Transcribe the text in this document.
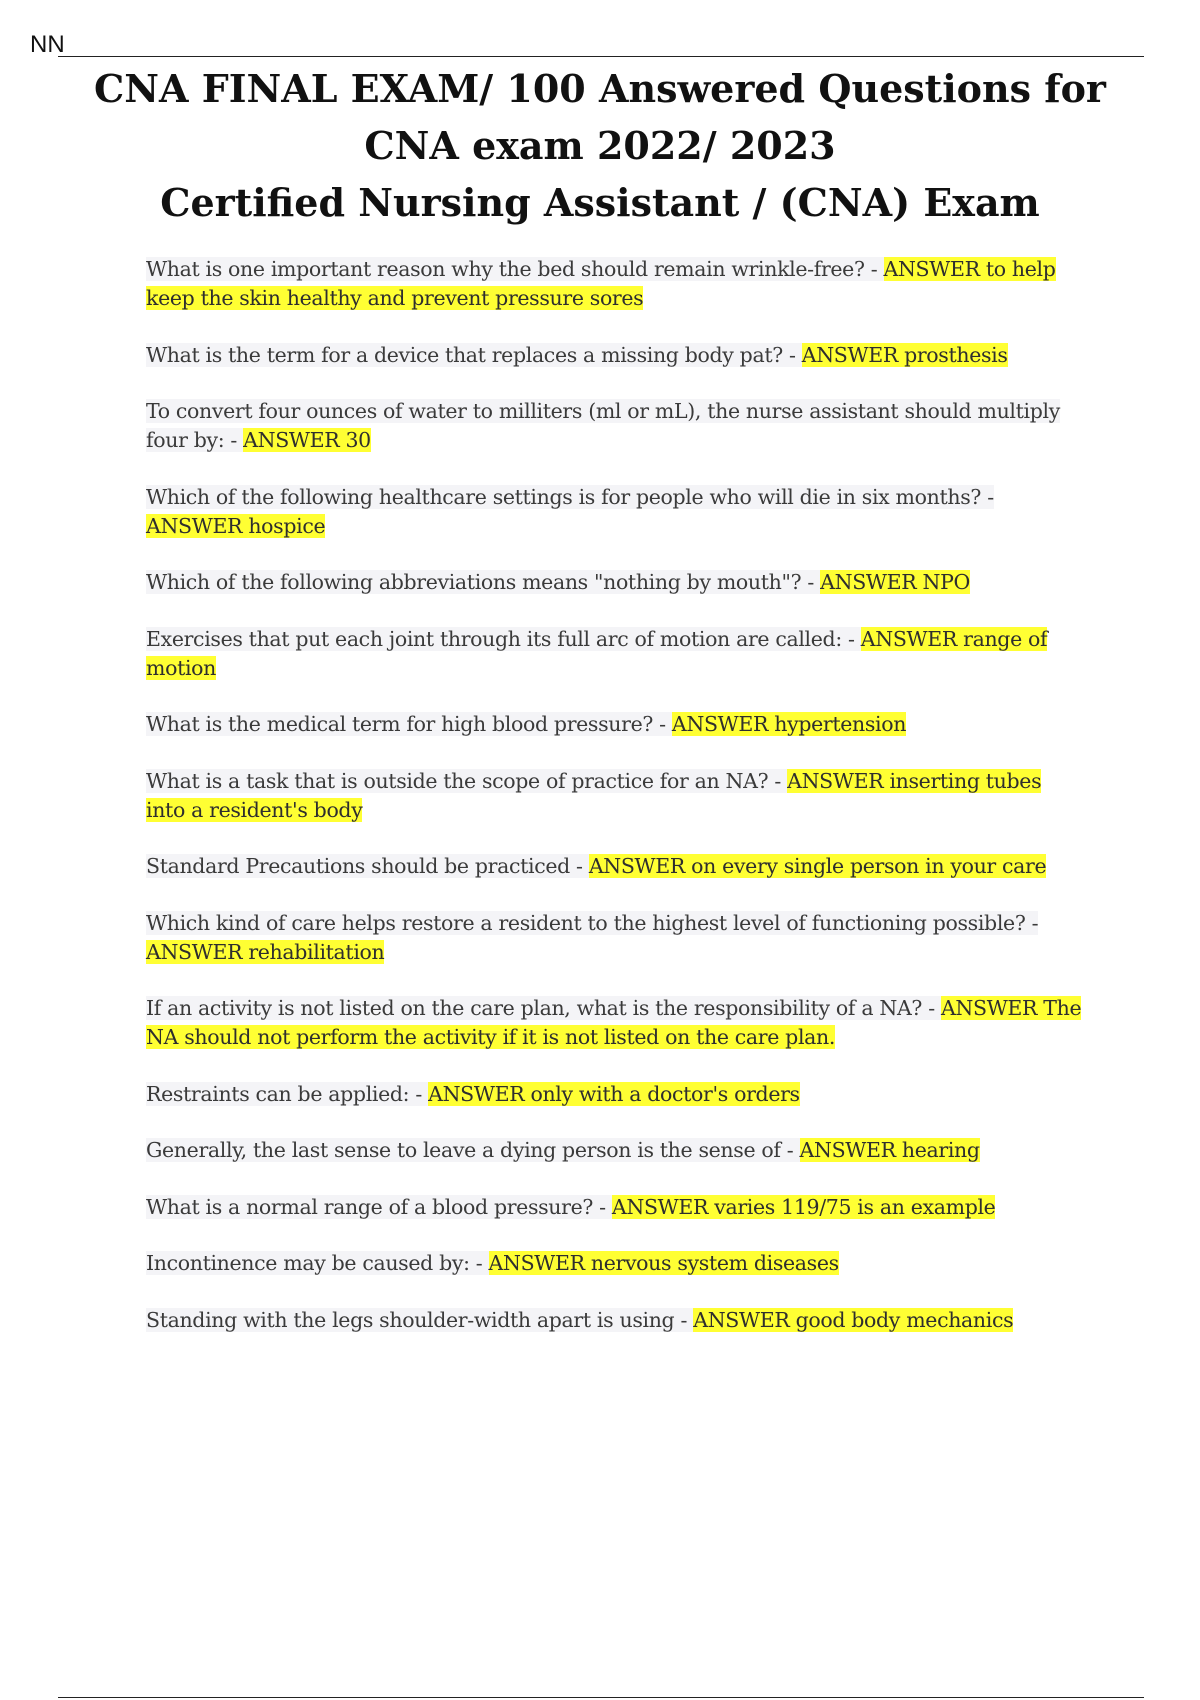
NN
CNA FINAL EXAM/ 100 Answered Questions for
CNA exam 2022/ 2023
Certified Nursing Assistant / (CNA) Exam
What is one important reason why the bed should remain wrinkle-free? - ANSWER to help keep the skin healthy and prevent pressure sores
What is the term for a device that replaces a missing body pat? - ANSWER prosthesis
To convert four ounces of water to milliters (ml or mL), the nurse assistant should multiply four by: - ANSWER 30
Which of the following healthcare settings is for people who will die in six months? - ANSWER hospice
Which of the following abbreviations means "nothing by mouth"? - ANSWER NPO
Exercises that put each joint through its full arc of motion are called: - ANSWER range of motion
What is the medical term for high blood pressure? - ANSWER hypertension
What is a task that is outside the scope of practice for an NA? - ANSWER inserting tubes into a resident's body
Standard Precautions should be practiced - ANSWER on every single person in your care
Which kind of care helps restore a resident to the highest level of functioning possible? - ANSWER rehabilitation
If an activity is not listed on the care plan, what is the responsibility of a NA? - ANSWER The NA should not perform the activity if it is not listed on the care plan.
Restraints can be applied: - ANSWER only with a doctor's orders
Generally, the last sense to leave a dying person is the sense of - ANSWER hearing
What is a normal range of a blood pressure? - ANSWER varies 119/75 is an example
Incontinence may be caused by: - ANSWER nervous system diseases
Standing with the legs shoulder-width apart is using - ANSWER good body mechanics
